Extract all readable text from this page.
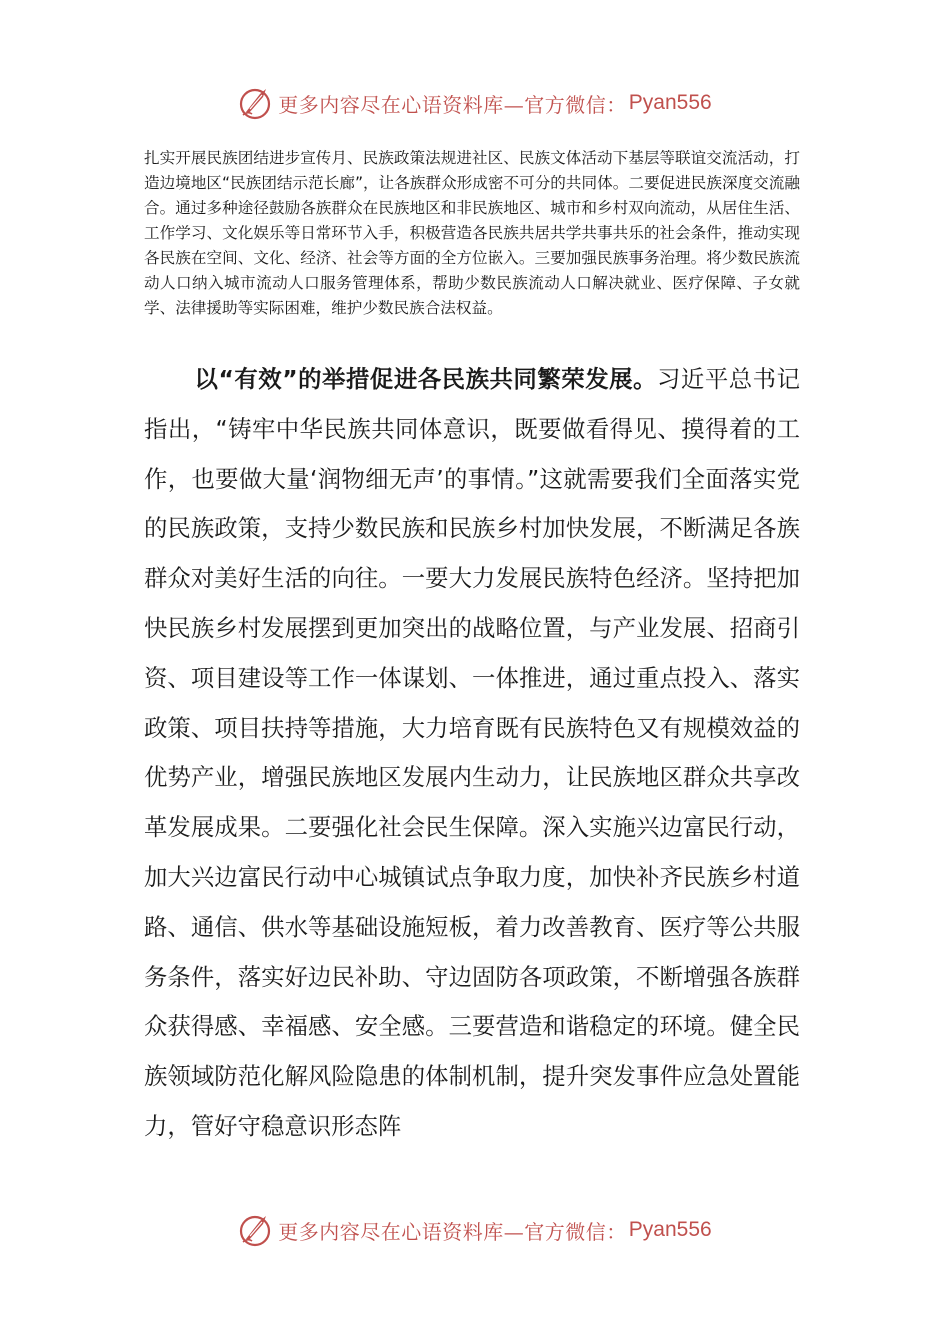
更多内容尽在心语资料库—官方微信： Pyan556

扎实开展民族团结进步宣传月、民族政策法规进社区、民族文体活动下基层等联谊交流活动，打造边境地区“民族团结示范长廊”，让各族群众形成密不可分的共同体。二要促进民族深度交流融合。通过多种途径鼓励各族群众在民族地区和非民族地区、城市和乡村双向流动，从居住生活、工作学习、文化娱乐等日常环节入手，积极营造各民族共居共学共事共乐的社会条件，推动实现各民族在空间、文化、经济、社会等方面的全方位嵌入。三要加强民族事务治理。将少数民族流动人口纳入城市流动人口服务管理体系，帮助少数民族流动人口解决就业、医疗保障、子女就学、法律援助等实际困难，维护少数民族合法权益。

以“有效”的举措促进各民族共同繁荣发展。习近平总书记指出，“铸牢中华民族共同体意识，既要做看得见、摸得着的工作，也要做大量‘润物细无声’的事情。”这就需要我们全面落实党的民族政策，支持少数民族和民族乡村加快发展，不断满足各族群众对美好生活的向往。一要大力发展民族特色经济。坚持把加快民族乡村发展摆到更加突出的战略位置，与产业发展、招商引资、项目建设等工作一体谋划、一体推进，通过重点投入、落实政策、项目扶持等措施，大力培育既有民族特色又有规模效益的优势产业，增强民族地区发展内生动力，让民族地区群众共享改革发展成果。二要强化社会民生保障。深入实施兴边富民行动，加大兴边富民行动中心城镇试点争取力度，加快补齐民族乡村道路、通信、供水等基础设施短板，着力改善教育、医疗等公共服务条件，落实好边民补助、守边固防各项政策，不断增强各族群众获得感、幸福感、安全感。三要营造和谐稳定的环境。健全民族领域防范化解风险隐患的体制机制，提升突发事件应急处置能力，管好守稳意识形态阵

更多内容尽在心语资料库—官方微信： Pyan556
